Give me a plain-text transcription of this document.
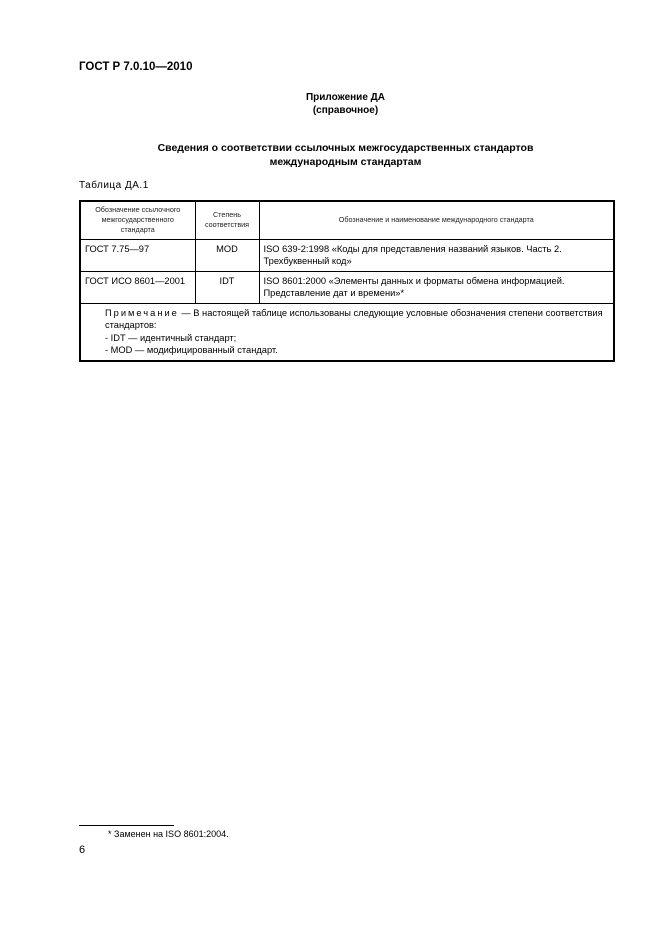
ГОСТ Р 7.0.10—2010
Приложение ДА
(справочное)
Сведения о соответствии ссылочных межгосударственных стандартов
международным стандартам
Таблица ДА.1
Обозначение ссылочного межгосударственного стандарта	Степень соответствия	Обозначение и наименование международного стандарта
ГОСТ 7.75—97	MOD	ISO 639-2:1998 «Коды для представления названий языков. Часть 2. Трехбуквенный код»
ГОСТ ИСО 8601—2001	IDT	ISO 8601:2000 «Элементы данных и форматы обмена информацией. Представление дат и времени»*

Примечание — В настоящей таблице использованы следующие условные обозначения степени соответствия стандартов:

- IDT — идентичный стандарт;

- MOD — модифицированный стандарт.		

* Заменен на ISO 8601:2004.
6
